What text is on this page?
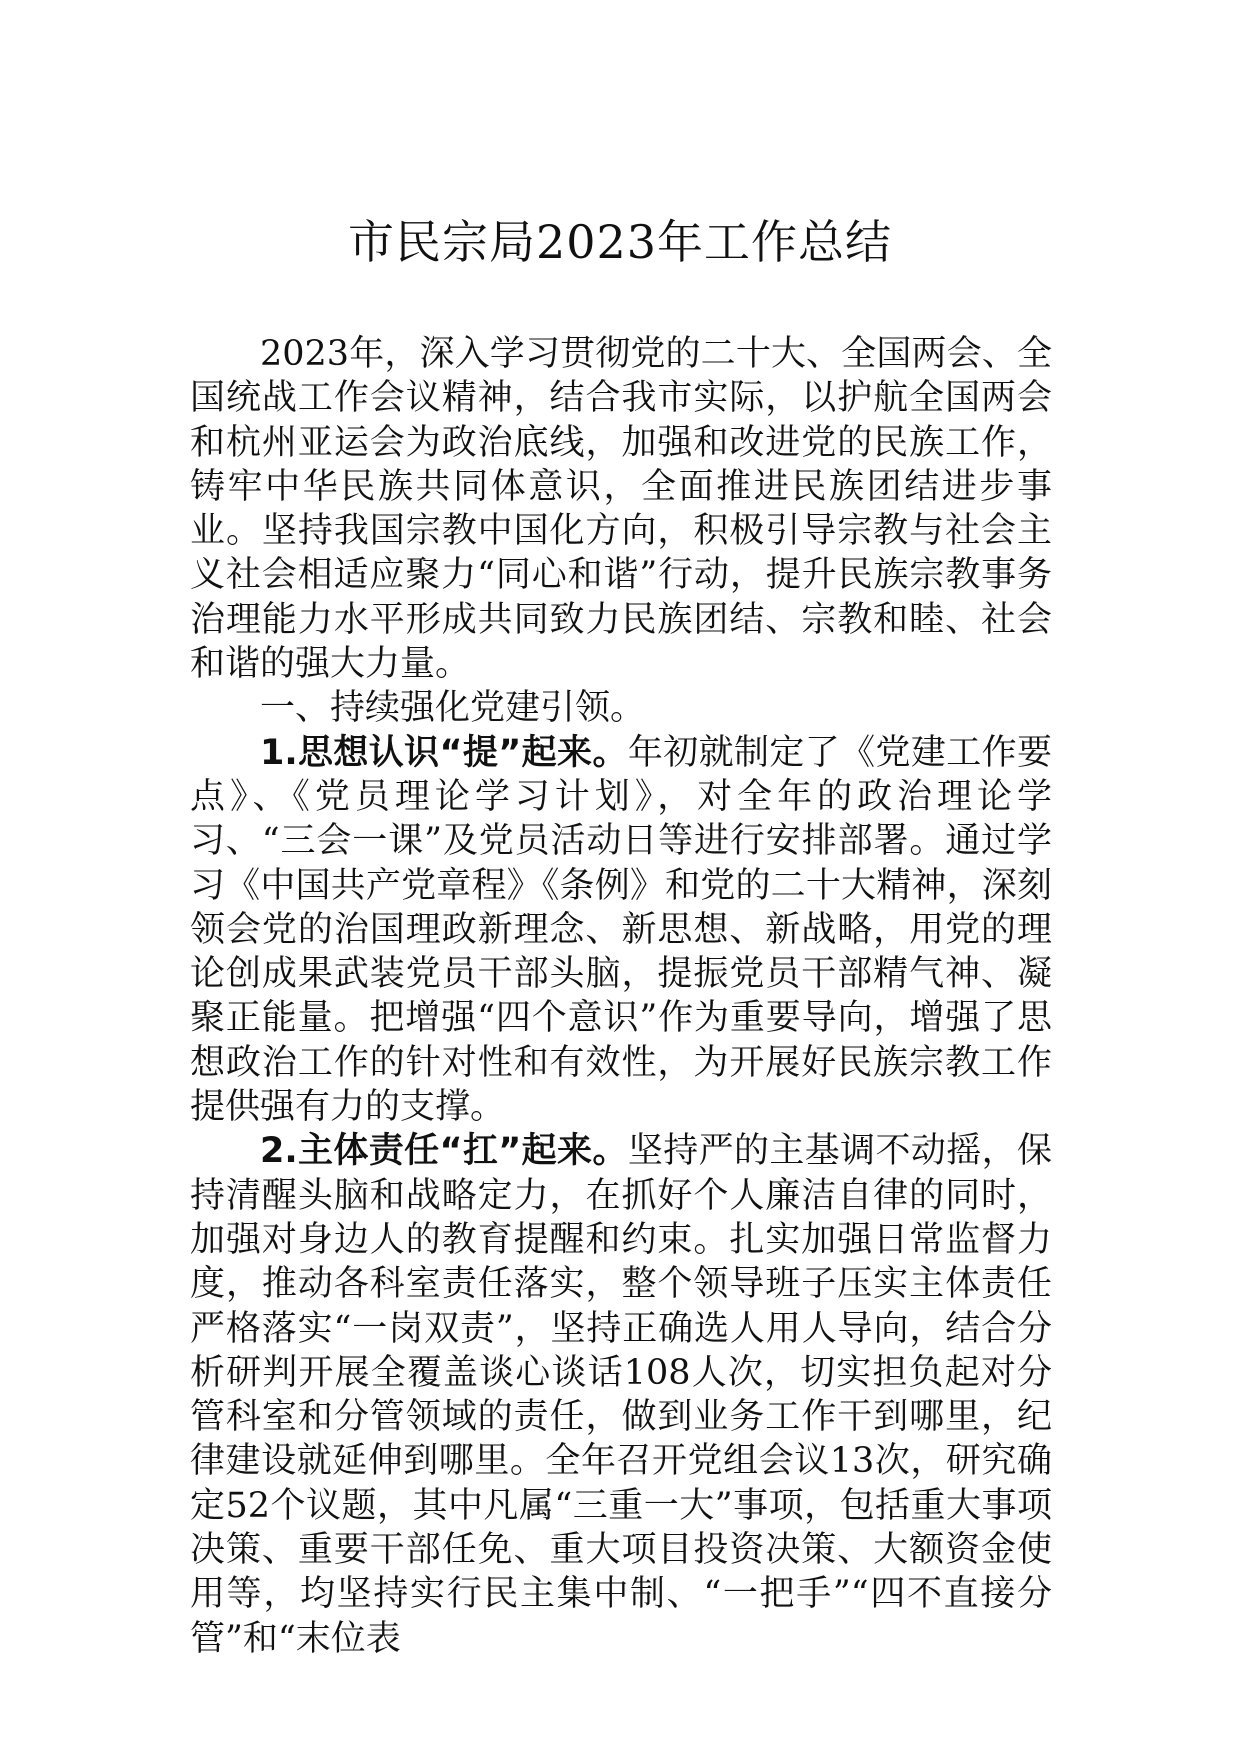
市民宗局2023年工作总结

2023年，深入学习贯彻党的二十大、全国两会、全国统战工作会议精神，结合我市实际，以护航全国两会和杭州亚运会为政治底线，加强和改进党的民族工作，铸牢中华民族共同体意识，全面推进民族团结进步事业。坚持我国宗教中国化方向，积极引导宗教与社会主义社会相适应聚力“同心和谐”行动，提升民族宗教事务治理能力水平形成共同致力民族团结、宗教和睦、社会和谐的强大力量。

一、持续强化党建引领。

1.思想认识“提”起来。年初就制定了《党建工作要点》、《党员理论学习计划》，对全年的政治理论学习、“三会一课”及党员活动日等进行安排部署。通过学习《中国共产党章程》《条例》和党的二十大精神，深刻领会党的治国理政新理念、新思想、新战略，用党的理论创成果武装党员干部头脑，提振党员干部精气神、凝聚正能量。把增强“四个意识”作为重要导向，增强了思想政治工作的针对性和有效性，为开展好民族宗教工作提供强有力的支撑。

2.主体责任“扛”起来。坚持严的主基调不动摇，保持清醒头脑和战略定力，在抓好个人廉洁自律的同时，加强对身边人的教育提醒和约束。扎实加强日常监督力度，推动各科室责任落实，整个领导班子压实主体责任严格落实“一岗双责”，坚持正确选人用人导向，结合分析研判开展全覆盖谈心谈话108人次，切实担负起对分管科室和分管领域的责任，做到业务工作干到哪里，纪律建设就延伸到哪里。全年召开党组会议13次，研究确定52个议题，其中凡属“三重一大”事项，包括重大事项决策、重要干部任免、重大项目投资决策、大额资金使用等，均坚持实行民主集中制、“一把手”“四不直接分管”和“末位表
